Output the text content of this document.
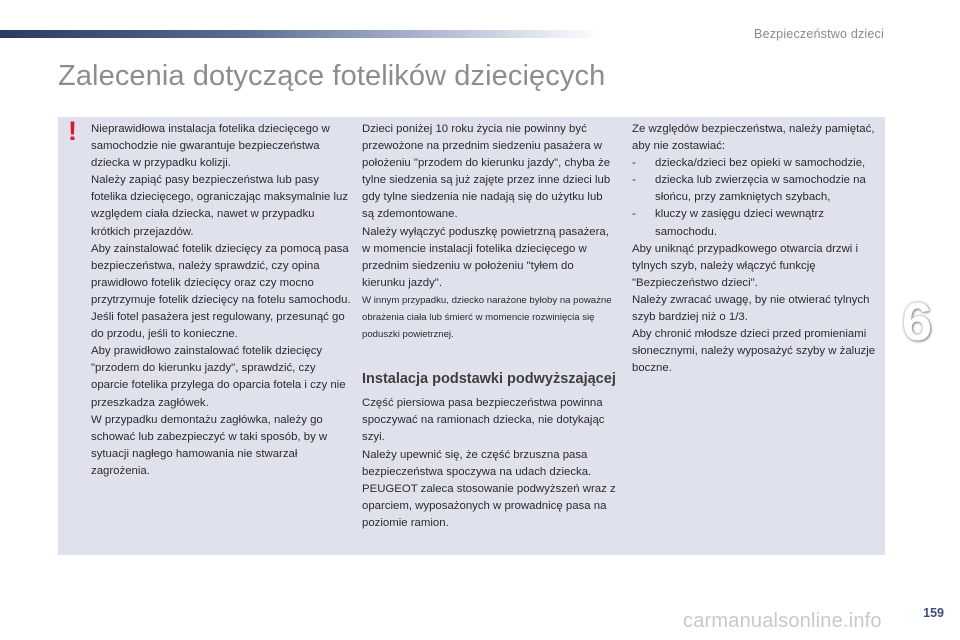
Bezpieczeństwo dzieci
Zalecenia dotyczące fotelików dziecięcych
! Nieprawidłowa instalacja fotelika dziecięcego w samochodzie nie gwarantuje bezpieczeństwa dziecka w przypadku kolizji.

Należy zapiąć pasy bezpieczeństwa lub pasy fotelika dziecięcego, ograniczając maksymalnie luz względem ciała dziecka, nawet w przypadku krótkich przejazdów.

Aby zainstalować fotelik dziecięcy za pomocą pasa bezpieczeństwa, należy sprawdzić, czy opina prawidłowo fotelik dziecięcy oraz czy mocno przytrzymuje fotelik dziecięcy na fotelu samochodu. Jeśli fotel pasażera jest regulowany, przesunąć go do przodu, jeśli to konieczne.

Aby prawidłowo zainstalować fotelik dziecięcy "przodem do kierunku jazdy", sprawdzić, czy oparcie fotelika przylega do oparcia fotela i czy nie przeszkadza zagłówek.

W przypadku demontażu zagłówka, należy go schować lub zabezpieczyć w taki sposób, by w sytuacji nagłego hamowania nie stwarzał zagrożenia.

Dzieci poniżej 10 roku życia nie powinny być przewożone na przednim siedzeniu pasażera w położeniu "przodem do kierunku jazdy", chyba że tylne siedzenia są już zajęte przez inne dzieci lub gdy tylne siedzenia nie nadają się do użytku lub są zdemontowane.

Należy wyłączyć poduszkę powietrzną pasażera, w momencie instalacji fotelika dziecięcego w przednim siedzeniu w położeniu "tyłem do kierunku jazdy".

W innym przypadku, dziecko narażone byłoby na poważne obrażenia ciała lub śmierć w momencie rozwinięcia się poduszki powietrznej.

Instalacja podstawki podwyższającej

Część piersiowa pasa bezpieczeństwa powinna spoczywać na ramionach dziecka, nie dotykając szyi.

Należy upewnić się, że część brzuszna pasa bezpieczeństwa spoczywa na udach dziecka.

PEUGEOT zaleca stosowanie podwyższeń wraz z oparciem, wyposażonych w prowadnicę pasa na poziomie ramion.

Ze względów bezpieczeństwa, należy pamiętać, aby nie zostawiać:

- dziecka/dzieci bez opieki w samochodzie,
- dziecka lub zwierzęcia w samochodzie na słońcu, przy zamkniętych szybach,
- kluczy w zasięgu dzieci wewnątrz samochodu.

Aby uniknąć przypadkowego otwarcia drzwi i tylnych szyb, należy włączyć funkcję "Bezpieczeństwo dzieci".

Należy zwracać uwagę, by nie otwierać tylnych szyb bardziej niż o 1/3.

Aby chronić młodsze dzieci przed promieniami słonecznymi, należy wyposażyć szyby w żaluzje boczne.

6
159
carmanualsonline.info
